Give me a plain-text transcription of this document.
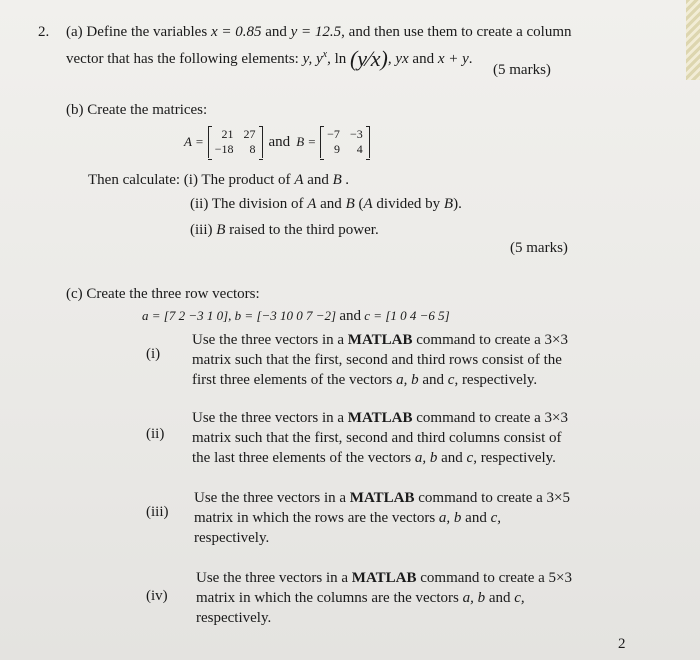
2. (a) Define the variables x = 0.85 and y = 12.5, and then use them to create a column
vector that has the following elements: y, $y^x$, ln (y⁄x), yx and x + y.
(5 marks)
(b) Create the matrices:
A =	21 27
−18	8 and B = −7 −3
9	4
Then calculate: (i) The product of A and B .
(ii) The division of A and B (A divided by B).
(iii) B raised to the third power.
(5 marks)
(c) Create the three row vectors:
a = [7 2 −3 1 0], b = [−3 10 0 7 −2] and c = [1 0 4 −6 5]
(i)
Use the three vectors in a MATLAB command to create a 3×3
matrix such that the first, second and third rows consist of the
first three elements of the vectors a, b and c, respectively.
(ii)
Use the three vectors in a MATLAB command to create a 3×3
matrix such that the first, second and third columns consist of
the last three elements of the vectors a, b and c, respectively.
(iii)
Use the three vectors in a MATLAB command to create a 3×5
matrix in which the rows are the vectors a, b and c,
respectively.
(iv)
Use the three vectors in a MATLAB command to create a 5×3
matrix in which the columns are the vectors a, b and c,
respectively.
2
